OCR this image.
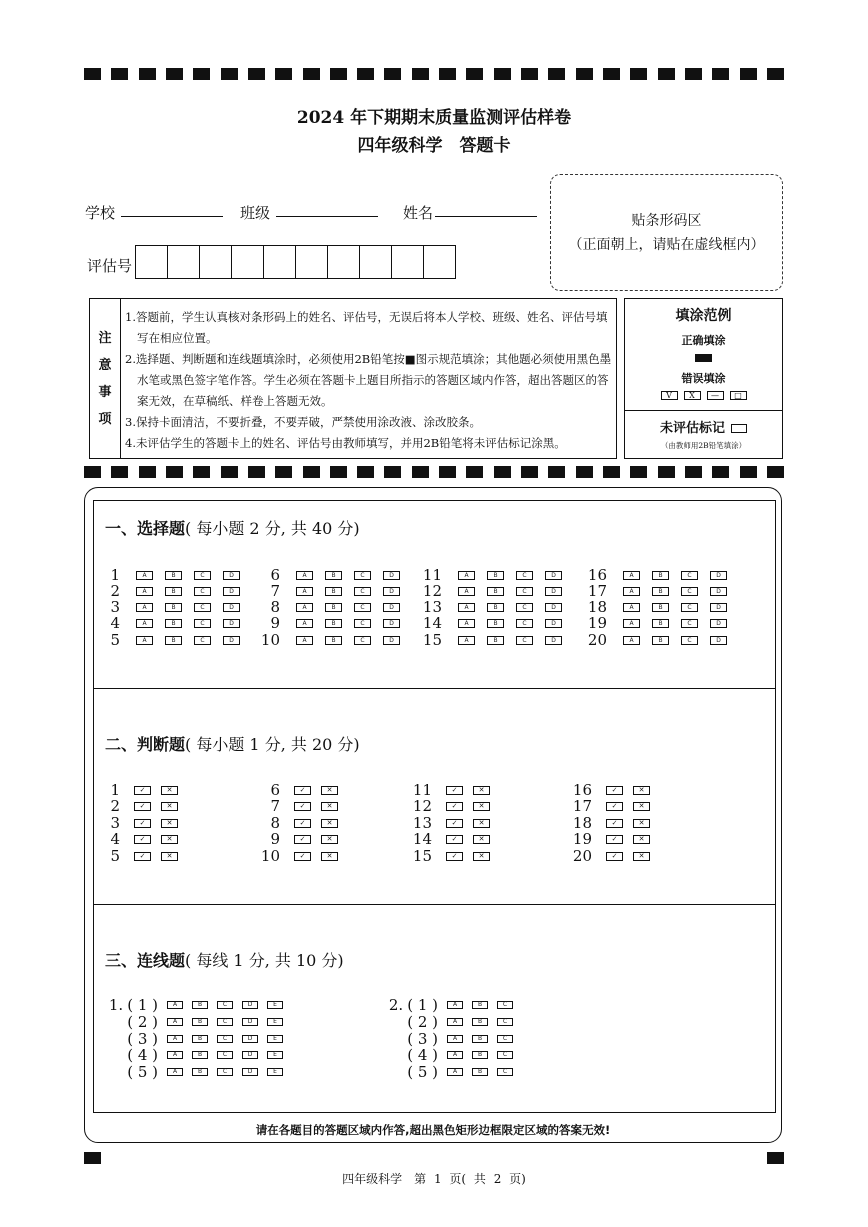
2024 年下期期末质量监测评估样卷
四年级科学　答题卡
学校	班级	姓名
评估号
贴条形码区
（正面朝上，请贴在虚线框内）
注
意
事
项

1.答题前，学生认真核对条形码上的姓名、评估号，无误后将本人学校、班级、姓名、评估号填写在相应位置。

2.选择题、判断题和连线题填涂时，必须使用2B铅笔按■图示规范填涂；其他题必须使用黑色墨水笔或黑色签字笔作答。学生必须在答题卡上题目所指示的答题区域内作答，超出答题区的答案无效，在草稿纸、样卷上答题无效。

3.保持卡面清洁，不要折叠，不要弄破，严禁使用涂改液、涂改胶条。

4.未评估学生的答题卡上的姓名、评估号由教师填写，并用2B铅笔将未评估标记涂黑。

填涂范例
正确填涂
错误填涂
V	X	—	□
未评估标记
（由教师用2B铅笔填涂）
一、选择题( 每小题 2 分, 共 40 分)
二、判断题( 每小题 1 分, 共 20 分)
三、连线题( 每线 1 分, 共 10 分)
1	A	B	C	D
2	A	B	C	D
3	A	B	C	D
4	A	B	C	D
5	A	B	C	D
6	A	B	C	D
7	A	B	C	D
8	A	B	C	D
9	A	B	C	D
10	A	B	C	D
11	A	B	C	D
12	A	B	C	D
13	A	B	C	D
14	A	B	C	D
15	A	B	C	D
16	A	B	C	D
17	A	B	C	D
18	A	B	C	D
19	A	B	C	D
20	A	B	C	D
1	✓	✕
2	✓	✕
3	✓	✕
4	✓	✕
5	✓	✕
6	✓	✕
7	✓	✕
8	✓	✕
9	✓	✕
10	✓	✕
11	✓	✕
12	✓	✕
13	✓	✕
14	✓	✕
15	✓	✕
16	✓	✕
17	✓	✕
18	✓	✕
19	✓	✕
20	✓	✕
1. ( 1 )	A	B	C	D	E
( 2 )	A	B	C	D	E
( 3 )	A	B	C	D	E
( 4 )	A	B	C	D	E
( 5 )	A	B	C	D	E
2. ( 1 )	A	B	C
( 2 )	A	B	C
( 3 )	A	B	C
( 4 )	A	B	C
( 5 )	A	B	C
请在各题目的答题区域内作答,超出黑色矩形边框限定区域的答案无效!
四年级科学　第 1 页( 共 2 页)
